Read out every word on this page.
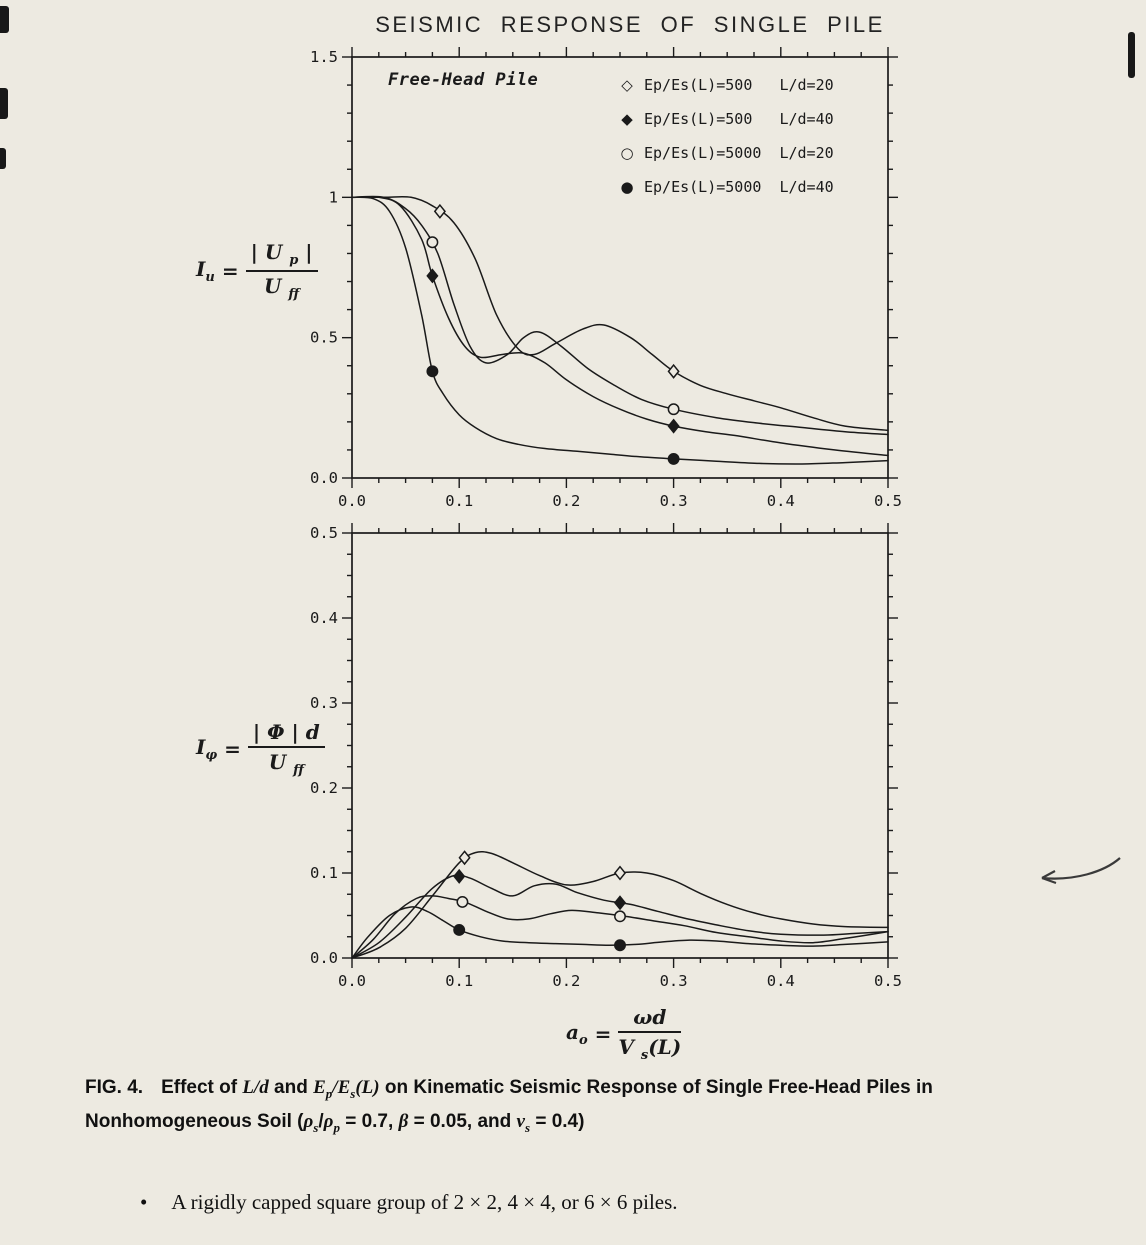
SEISMIC RESPONSE OF SINGLE PILE
0.0	0.1	0.2	0.3	0.4	0.5
0.0
0.5
1
1.5
0.0	0.1	0.2	0.3	0.4	0.5
0.0
0.1
0.2
0.3
0.4
0.5
Free-Head Pile	◇ Ep/Es(L)=500   L/d=20
◆ Ep/Es(L)=500   L/d=40
○ Ep/Es(L)=5000  L/d=20
● Ep/Es(L)=5000  L/d=40
$I_u = \frac{| U _p |}{U _{ff}}$
$I_\varphi = \frac{| \Phi | d}{U _{ff}}$
$a_o = \frac{\omega d}{V _s(L)}$
FIG. 4. Effect of L/d and $E_p/E_s(L)$ on Kinematic Seismic Response of Single Free-Head Piles in Nonhomogeneous Soil ($\rho_s/\rho_p = 0.7$, β = 0.05, and $\nu_s = 0.4$)
• A rigidly capped square group of 2 × 2, 4 × 4, or 6 × 6 piles.
